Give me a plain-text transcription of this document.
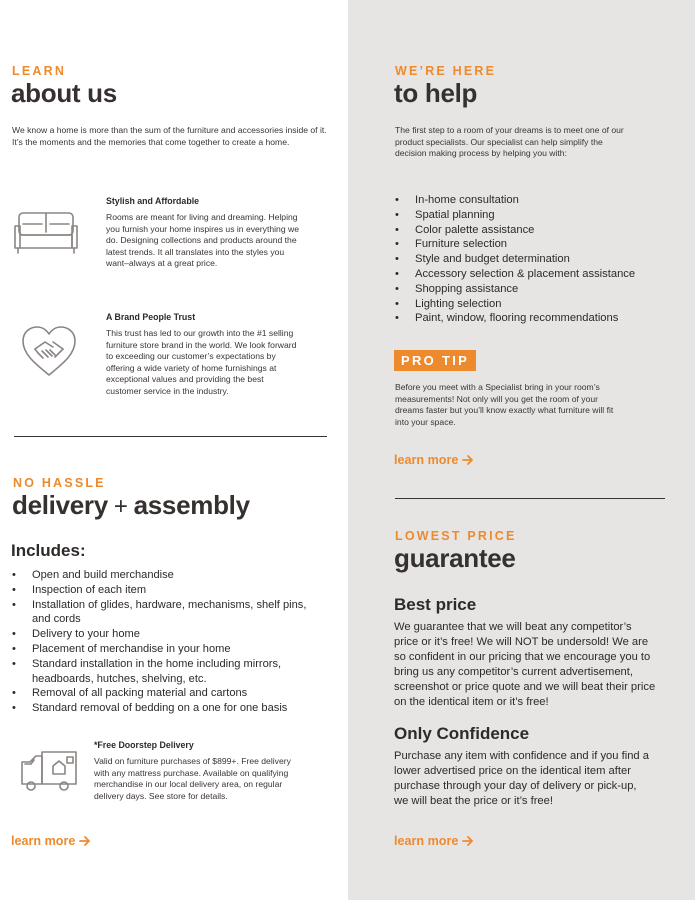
LEARN
about us
We know a home is more than the sum of the furniture and accessories inside of it. It’s the moments and the memories that come together to create a home.
Stylish and Affordable
Rooms are meant for living and dreaming. Helping you furnish your home inspires us in everything we do. Designing collections and products around the latest trends. It all translates into the styles you want–always at a great price.
A Brand People Trust
This trust has led to our growth into the #1 selling furniture store brand in the world. We look forward to exceeding our customer’s expectations by offering a wide variety of home furnishings at exceptional values and providing the best customer service in the industry.
WE’RE HERE
to help
The first step to a room of your dreams is to meet one of our product specialists. Our specialist can help simplify the decision making process by helping you with:
• In-home consultation
• Spatial planning
• Color palette assistance
• Furniture selection
• Style and budget determination
• Accessory selection & placement assistance
• Shopping assistance
• Lighting selection
• Paint, window, flooring recommendations
PRO TIP
Before you meet with a Specialist bring in your room’s measurements! Not only will you get the room of your dreams faster but you’ll know exactly what furniture will fit into your space.
learn more
NO HASSLE
delivery + assembly
Includes:
• Open and build merchandise
• Inspection of each item
• Installation of glides, hardware, mechanisms, shelf pins, and cords
• Delivery to your home
• Placement of merchandise in your home
• Standard installation in the home including mirrors, headboards, hutches, shelving, etc.
• Removal of all packing material and cartons
• Standard removal of bedding on a one for one basis
*Free Doorstep Delivery
Valid on furniture purchases of $899+. Free delivery with any mattress purchase. Available on qualifying merchandise in our local delivery area, on regular delivery days. See store for details.
learn more
LOWEST PRICE
guarantee
Best price
We guarantee that we will beat any competitor’s price or it’s free! We will NOT be undersold! We are so confident in our pricing that we encourage you to bring us any competitor’s current advertisement, screenshot or price quote and we will beat their price on the identical item or it’s free!
Only Confidence
Purchase any item with confidence and if you find a lower advertised price on the identical item after purchase through your day of delivery or pick-up, we will beat the price or it’s free!
learn more
